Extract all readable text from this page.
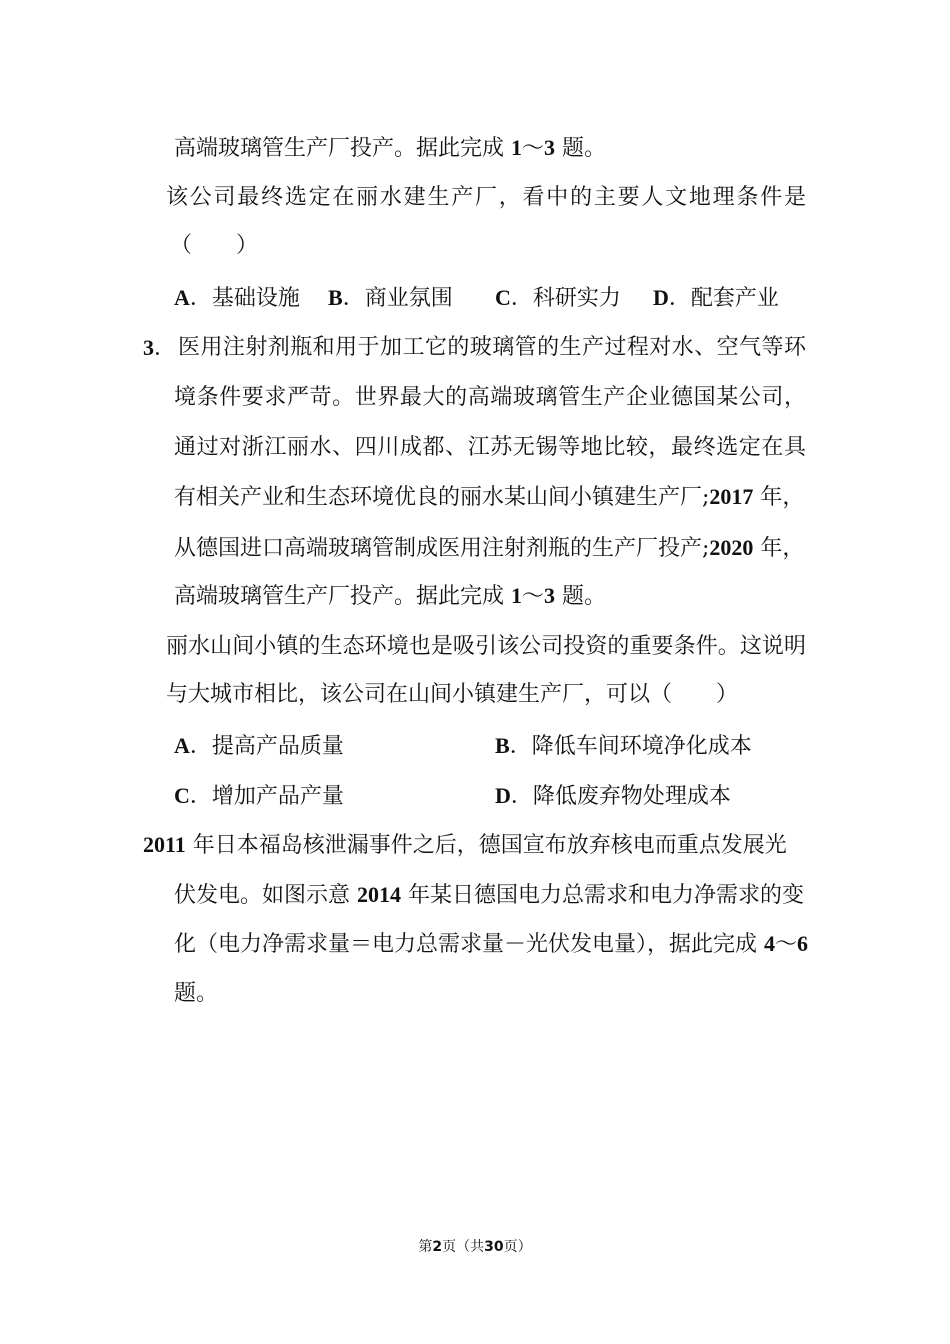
高端玻璃管生产厂投产。据此完成 1～3 题。
该公司最终选定在丽水建生产厂，看中的主要人文地理条件是
（　　）
A．基础设施 B．商业氛围 C．科研实力 D．配套产业
3． 医用注射剂瓶和用于加工它的玻璃管的生产过程对水、空气等环
境条件要求严苛。世界最大的高端玻璃管生产企业德国某公司，
通过对浙江丽水、四川成都、江苏无锡等地比较，最终选定在具
有相关产业和生态环境优良的丽水某山间小镇建生产厂;2017 年，
从德国进口高端玻璃管制成医用注射剂瓶的生产厂投产;2020 年，
高端玻璃管生产厂投产。据此完成 1～3 题。
丽水山间小镇的生态环境也是吸引该公司投资的重要条件。这说明
与大城市相比，该公司在山间小镇建生产厂，可以（　　）
A．提高产品质量	B．降低车间环境净化成本
C．增加产品产量	D．降低废弃物处理成本
2011 年日本福岛核泄漏事件之后，德国宣布放弃核电而重点发展光
伏发电。如图示意 2014 年某日德国电力总需求和电力净需求的变
化（电力净需求量＝电力总需求量－光伏发电量），据此完成 4～6
题。
第2页（共30页）
